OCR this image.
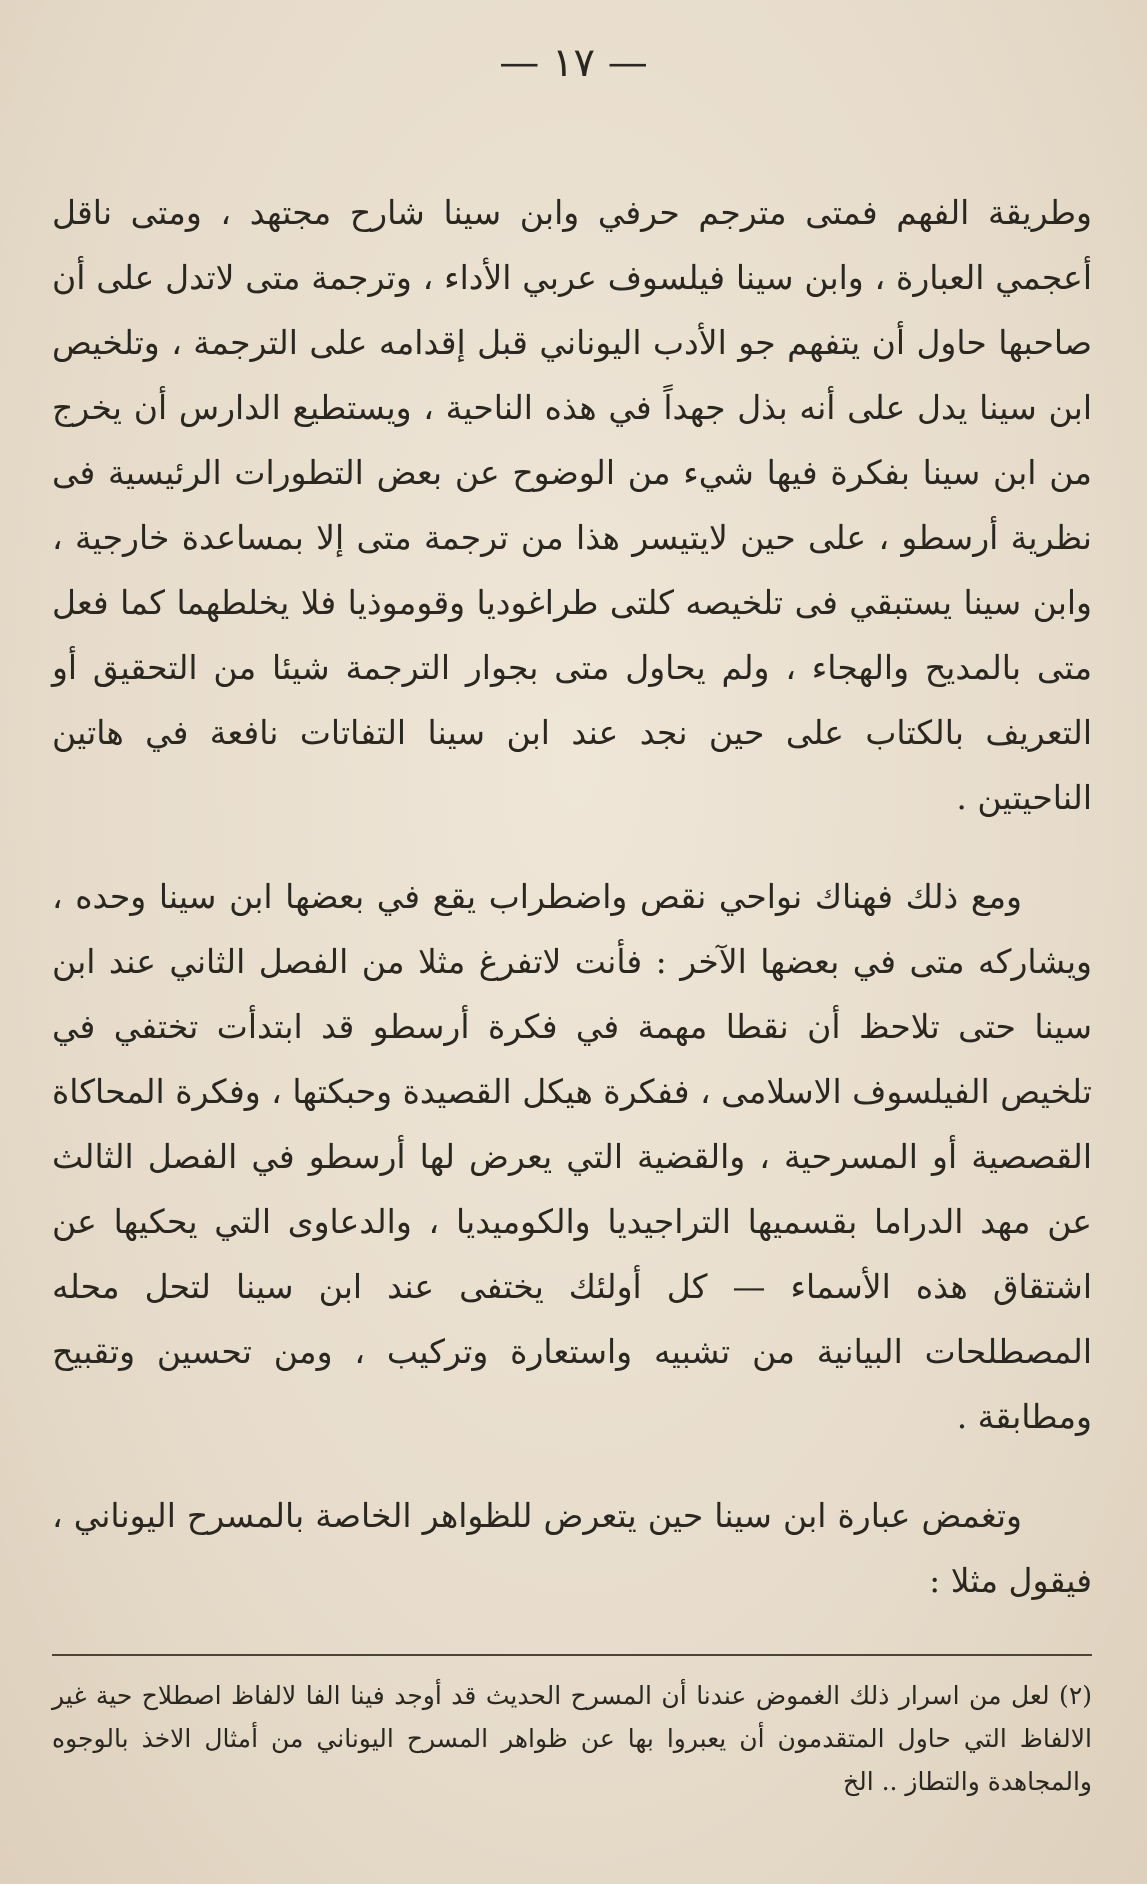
— ١٧ —

وطريقة الفهم فمتى مترجم حرفي وابن سينا شارح مجتهد ، ومتى ناقل أعجمي العبارة ، وابن سينا فيلسوف عربي الأداء ، وترجمة متى لاتدل على أن صاحبها حاول أن يتفهم جو الأدب اليوناني قبل إقدامه على الترجمة ، وتلخيص ابن سينا يدل على أنه بذل جهداً في هذه الناحية ، ويستطيع الدارس أن يخرج من ابن سينا بفكرة فيها شيء من الوضوح عن بعض التطورات الرئيسية فى نظرية أرسطو ، على حين لايتيسر هذا من ترجمة متى إلا بمساعدة خارجية ، وابن سينا يستبقي فى تلخيصه كلتى طراغوديا وقوموذيا فلا يخلطهما كما فعل متى بالمديح والهجاء ، ولم يحاول متى بجوار الترجمة شيئا من التحقيق أو التعريف بالكتاب على حين نجد عند ابن سينا التفاتات نافعة في هاتين الناحيتين .

ومع ذلك فهناك نواحي نقص واضطراب يقع في بعضها ابن سينا وحده ، ويشاركه متى في بعضها الآخر : فأنت لاتفرغ مثلا من الفصل الثاني عند ابن سينا حتى تلاحظ أن نقطا مهمة في فكرة أرسطو قد ابتدأت تختفي في تلخيص الفيلسوف الاسلامى ، ففكرة هيكل القصيدة وحبكتها ، وفكرة المحاكاة القصصية أو المسرحية ، والقضية التي يعرض لها أرسطو في الفصل الثالث عن مهد الدراما بقسميها التراجيديا والكوميديا ، والدعاوى التي يحكيها عن اشتقاق هذه الأسماء — كل أولئك يختفى عند ابن سينا لتحل محله المصطلحات البيانية من تشبيه واستعارة وتركيب ، ومن تحسين وتقبيح ومطابقة .

وتغمض عبارة ابن سينا حين يتعرض للظواهر الخاصة بالمسرح اليوناني ، فيقول مثلا :

(٢) لعل من اسرار ذلك الغموض عندنا أن المسرح الحديث قد أوجد فينا الفا لالفاظ اصطلاح حية غير الالفاظ التي حاول المتقدمون أن يعبروا بها عن ظواهر المسرح اليوناني من أمثال الاخذ بالوجوه والمجاهدة والتطاز .. الخ
